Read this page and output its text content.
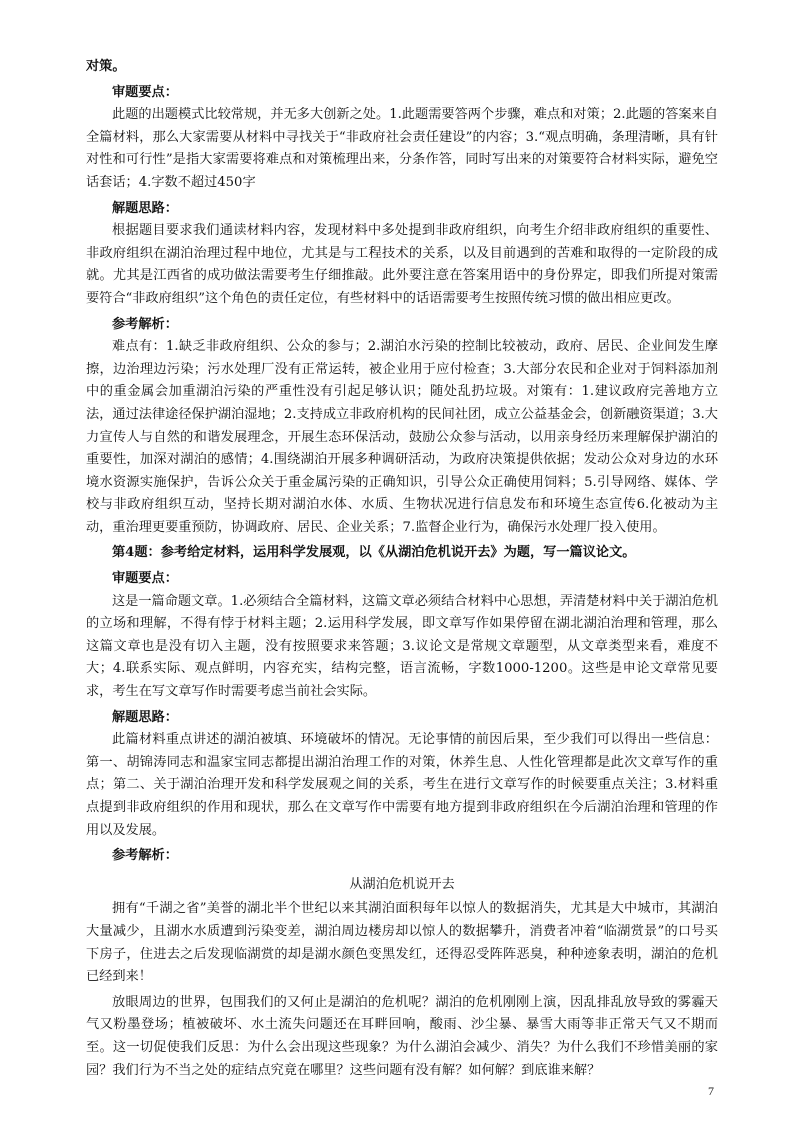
对策。

审题要点：

此题的出题模式比较常规，并无多大创新之处。1.此题需要答两个步骤，难点和对策；2.此题的答案来自全篇材料，那么大家需要从材料中寻找关于“非政府社会责任建设”的内容；3.“观点明确，条理清晰，具有针对性和可行性”是指大家需要将难点和对策梳理出来，分条作答，同时写出来的对策要符合材料实际，避免空话套话；4.字数不超过450字

解题思路：

根据题目要求我们通读材料内容，发现材料中多处提到非政府组织，向考生介绍非政府组织的重要性、非政府组织在湖泊治理过程中地位，尤其是与工程技术的关系，以及目前遇到的苦难和取得的一定阶段的成就。尤其是江西省的成功做法需要考生仔细推敲。此外要注意在答案用语中的身份界定，即我们所提对策需要符合“非政府组织”这个角色的责任定位，有些材料中的话语需要考生按照传统习惯的做出相应更改。

参考解析：

难点有：1.缺乏非政府组织、公众的参与；2.湖泊水污染的控制比较被动，政府、居民、企业间发生摩擦，边治理边污染；污水处理厂没有正常运转，被企业用于应付检查；3.大部分农民和企业对于饲料添加剂中的重金属会加重湖泊污染的严重性没有引起足够认识；随处乱扔垃圾。对策有：1.建议政府完善地方立法，通过法律途径保护湖泊湿地；2.支持成立非政府机构的民间社团，成立公益基金会，创新融资渠道；3.大力宣传人与自然的和谐发展理念，开展生态环保活动，鼓励公众参与活动，以用亲身经历来理解保护湖泊的重要性，加深对湖泊的感情；4.围绕湖泊开展多种调研活动，为政府决策提供依据；发动公众对身边的水环境水资源实施保护，告诉公众关于重金属污染的正确知识，引导公众正确使用饲料；5.引导网络、媒体、学校与非政府组织互动，坚持长期对湖泊水体、水质、生物状况进行信息发布和环境生态宣传6.化被动为主动，重治理更要重预防，协调政府、居民、企业关系；7.监督企业行为，确保污水处理厂投入使用。

第4题：参考给定材料，运用科学发展观，以《从湖泊危机说开去》为题，写一篇议论文。

审题要点：

这是一篇命题文章。1.必须结合全篇材料，这篇文章必须结合材料中心思想，弄清楚材料中关于湖泊危机的立场和理解，不得有悖于材料主题；2.运用科学发展，即文章写作如果停留在湖北湖泊治理和管理，那么这篇文章也是没有切入主题，没有按照要求来答题；3.议论文是常规文章题型，从文章类型来看，难度不大；4.联系实际、观点鲜明，内容充实，结构完整，语言流畅，字数1000-1200。这些是申论文章常见要求，考生在写文章写作时需要考虑当前社会实际。

解题思路：

此篇材料重点讲述的湖泊被填、环境破坏的情况。无论事情的前因后果，至少我们可以得出一些信息：第一、胡锦涛同志和温家宝同志都提出湖泊治理工作的对策，休养生息、人性化管理都是此次文章写作的重点；第二、关于湖泊治理开发和科学发展观之间的关系，考生在进行文章写作的时候要重点关注；3.材料重点提到非政府组织的作用和现状，那么在文章写作中需要有地方提到非政府组织在今后湖泊治理和管理的作用以及发展。

参考解析：

从湖泊危机说开去

拥有“千湖之省”美誉的湖北半个世纪以来其湖泊面积每年以惊人的数据消失，尤其是大中城市，其湖泊大量减少，且湖水水质遭到污染变差，湖泊周边楼房却以惊人的数据攀升，消费者冲着“临湖赏景”的口号买下房子，住进去之后发现临湖赏的却是湖水颜色变黑发红，还得忍受阵阵恶臭，种种迹象表明，湖泊的危机已经到来！

放眼周边的世界，包围我们的又何止是湖泊的危机呢？湖泊的危机刚刚上演，因乱排乱放导致的雾霾天气又粉墨登场；植被破坏、水土流失问题还在耳畔回响，酸雨、沙尘暴、暴雪大雨等非正常天气又不期而至。这一切促使我们反思：为什么会出现这些现象？为什么湖泊会减少、消失？为什么我们不珍惜美丽的家园？我们行为不当之处的症结点究竟在哪里？这些问题有没有解？如何解？到底谁来解？

7
